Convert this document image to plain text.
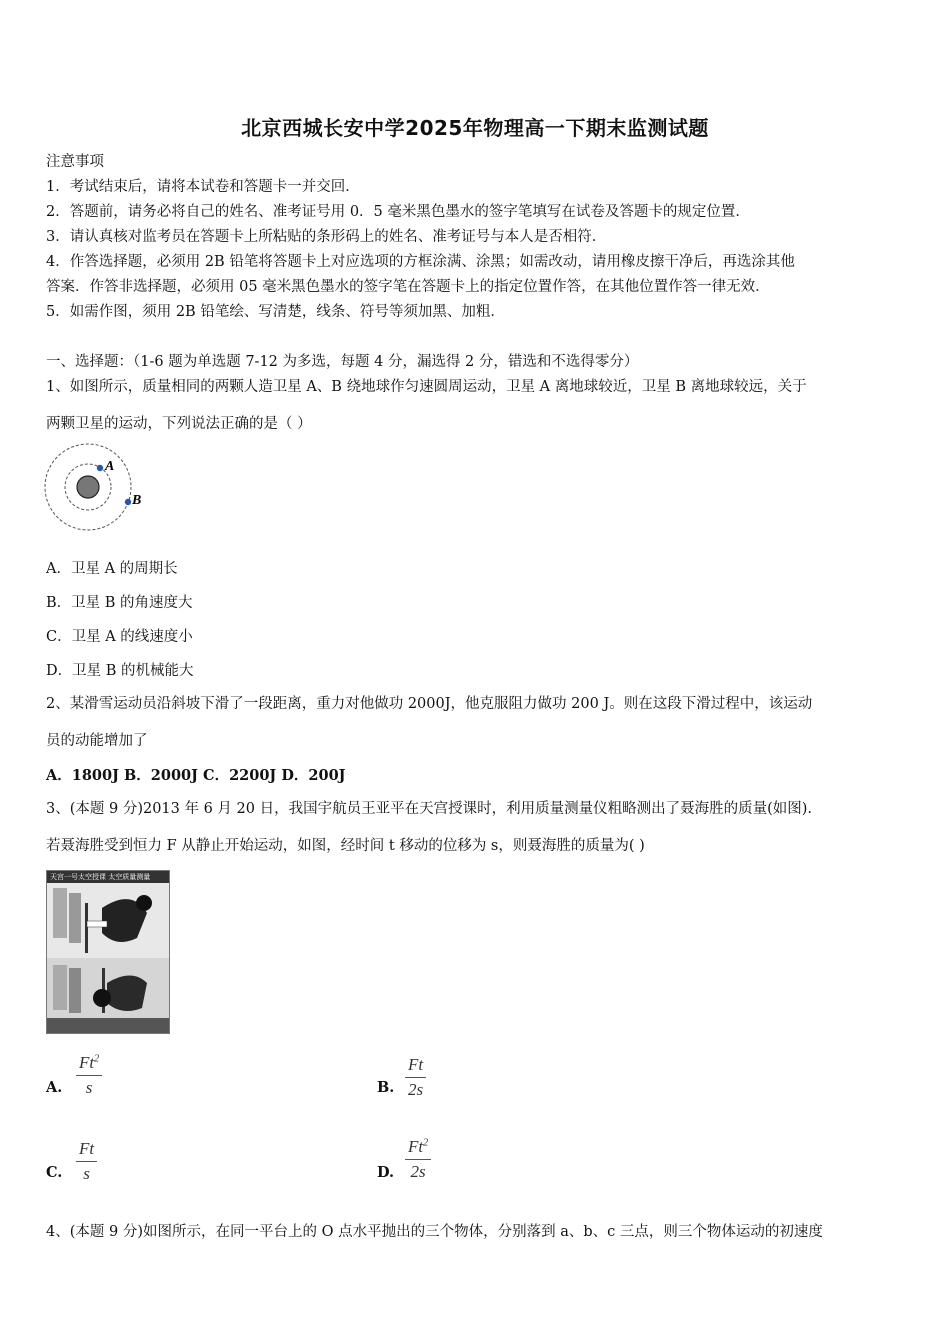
北京西城长安中学2025年物理高一下期末监测试题
注意事项
1．考试结束后，请将本试卷和答题卡一并交回．
2．答题前，请务必将自己的姓名、准考证号用 0．5 毫米黑色墨水的签字笔填写在试卷及答题卡的规定位置．
3．请认真核对监考员在答题卡上所粘贴的条形码上的姓名、准考证号与本人是否相符．
4．作答选择题，必须用 2B 铅笔将答题卡上对应选项的方框涂满、涂黑；如需改动，请用橡皮擦干净后，再选涂其他
答案．作答非选择题，必须用 05 毫米黑色墨水的签字笔在答题卡上的指定位置作答，在其他位置作答一律无效．
5．如需作图，须用 2B 铅笔绘、写清楚，线条、符号等须加黑、加粗．
一、选择题：（1-6 题为单选题 7-12 为多选，每题 4 分，漏选得 2 分，错选和不选得零分）
1、如图所示，质量相同的两颗人造卫星 A、B 绕地球作匀速圆周运动，卫星 A 离地球较近，卫星 B 离地球较远，关于
两颗卫星的运动，下列说法正确的是（ ）
A
B
A．卫星 A 的周期长
B．卫星 B 的角速度大
C．卫星 A 的线速度小
D．卫星 B 的机械能大
2、某滑雪运动员沿斜坡下滑了一段距离，重力对他做功 2000J，他克服阻力做功 200 J。则在这段下滑过程中，该运动
员的动能增加了
A．1800J B．2000J C．2200J D．200J
3、(本题 9 分)2013 年 6 月 20 日，我国宇航员王亚平在天宫授课时，利用质量测量仪粗略测出了聂海胜的质量(如图).
若聂海胜受到恒力 F 从静止开始运动，如图，经时间 t 移动的位移为 s，则聂海胜的质量为( )
天宫一号太空授课 太空质量测量
A. $\frac{Ft^2}{s}$	B. $\frac{Ft}{2s}$
C. $\frac{Ft}{s}$	D. $\frac{Ft^2}{2s}$
4、(本题 9 分)如图所示，在同一平台上的 O 点水平抛出的三个物体，分别落到 a、b、c 三点，则三个物体运动的初速度
